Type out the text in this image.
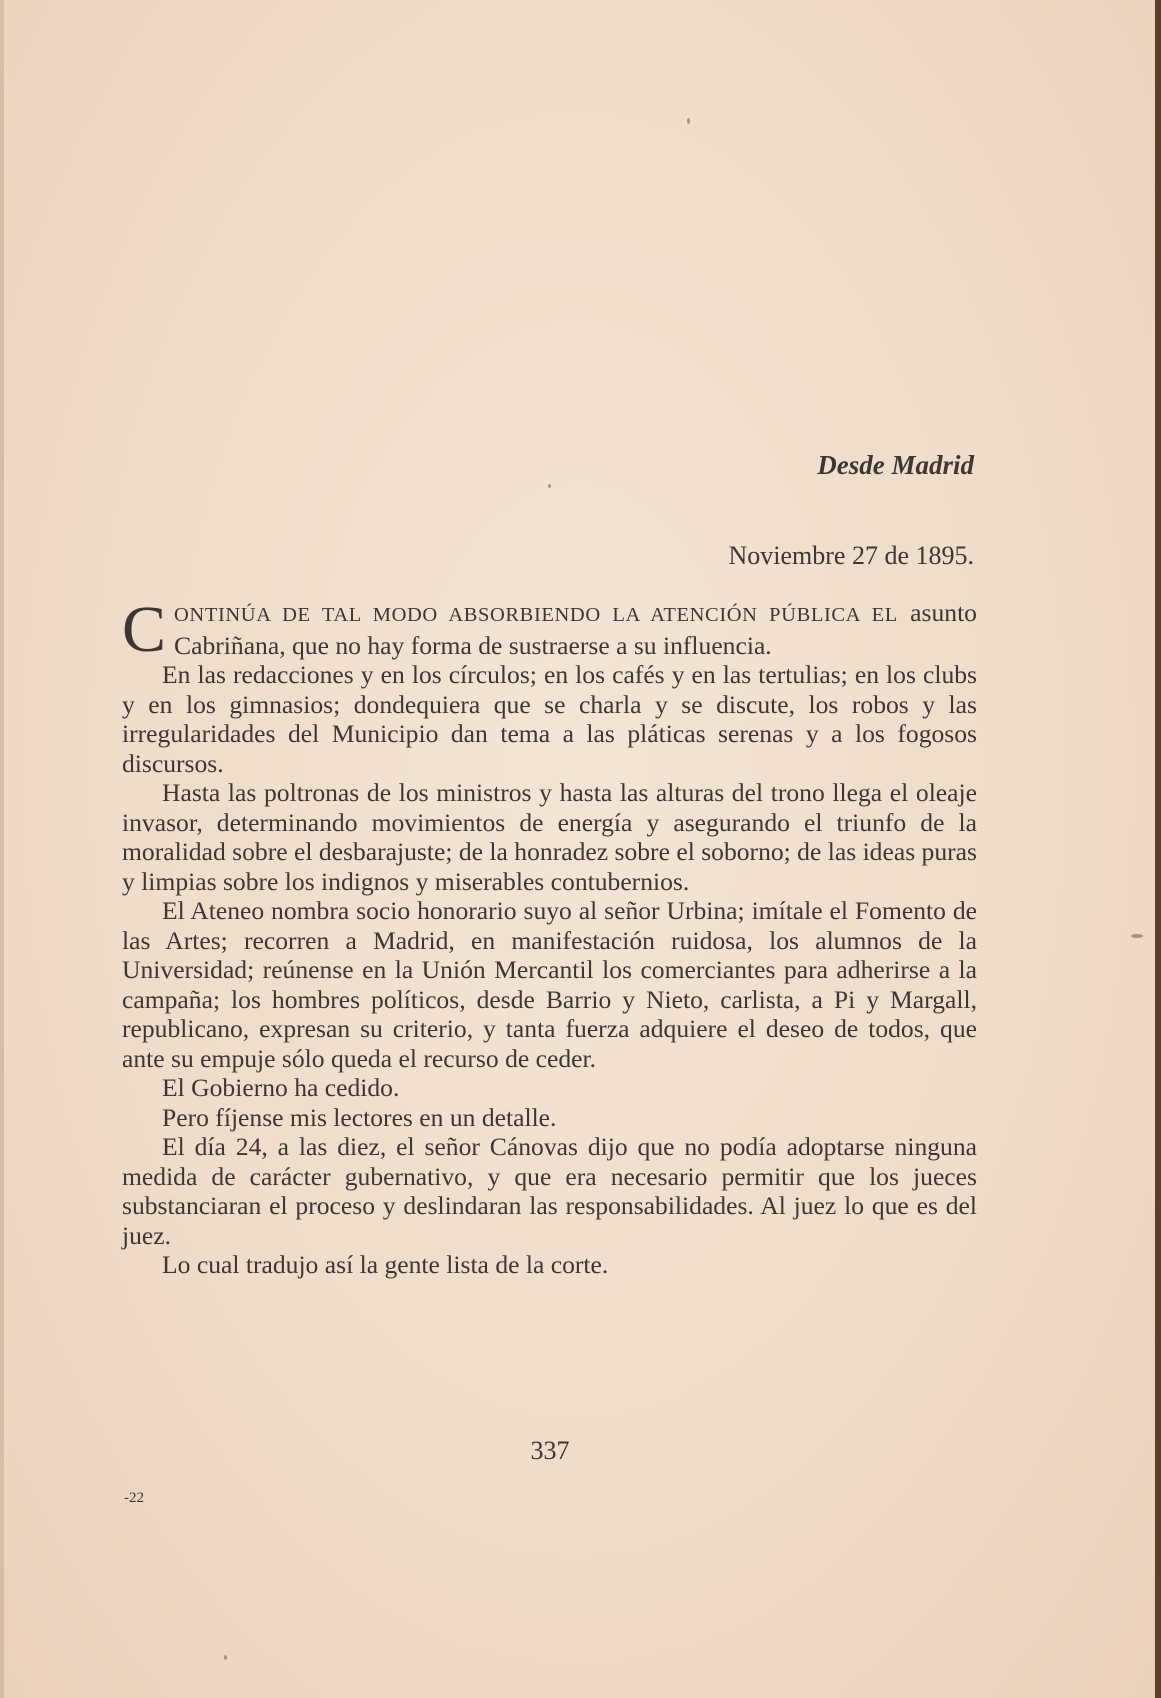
Desde Madrid
Noviembre 27 de 1895.

CONTINÚA DE TAL MODO ABSORBIENDO LA ATENCIÓN PÚBLICA EL asunto Cabriñana, que no hay forma de sustraerse a su influencia.

En las redacciones y en los círculos; en los cafés y en las tertulias; en los clubs y en los gimnasios; dondequiera que se charla y se discute, los robos y las irregularidades del Municipio dan tema a las pláticas serenas y a los fogosos discursos.

Hasta las poltronas de los ministros y hasta las alturas del trono llega el oleaje invasor, determinando movimientos de energía y asegurando el triunfo de la moralidad sobre el desbarajuste; de la honradez sobre el soborno; de las ideas puras y limpias sobre los indignos y miserables contubernios.

El Ateneo nombra socio honorario suyo al señor Urbina; imítale el Fomento de las Artes; recorren a Madrid, en manifestación ruidosa, los alumnos de la Universidad; reúnense en la Unión Mercantil los comerciantes para adherirse a la campaña; los hombres políticos, desde Barrio y Nieto, carlista, a Pi y Margall, republicano, expresan su criterio, y tanta fuerza adquiere el deseo de todos, que ante su empuje sólo queda el recurso de ceder.

El Gobierno ha cedido.

Pero fíjense mis lectores en un detalle.

El día 24, a las diez, el señor Cánovas dijo que no podía adoptarse ninguna medida de carácter gubernativo, y que era necesario permitir que los jueces substanciaran el proceso y deslindaran las responsabilidades. Al juez lo que es del juez.

Lo cual tradujo así la gente lista de la corte.

337
-22
